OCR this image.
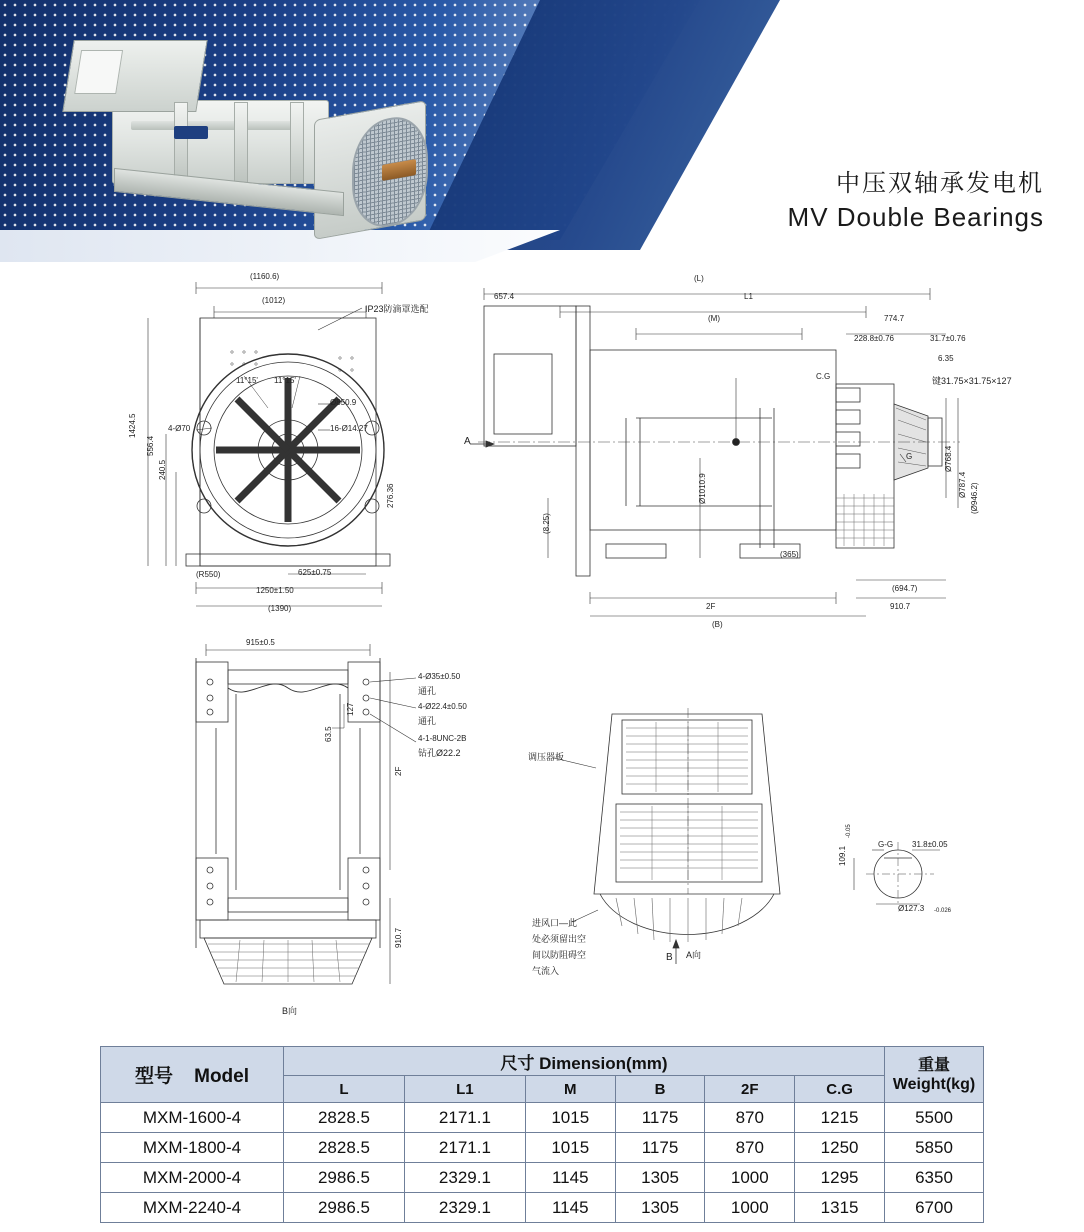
中压双轴承发电机
MV Double Bearings
(1160.6)
(1012)
IP23防滴罩选配
11°15' 11°15'
Ø850.9
16-Ø14.27
4-Ø70
1424.5
556.4
240.5
276.36
(R550)	625±0.75
1250±1.50
(1390)
(L)
L1
657.4
(M)	774.7
228.8±0.76	31.7±0.76
6.35
C.G	键31.75×31.75×127
A
G	Ø768.4
Ø787.4 (Ø946.2)
Ø1010.9
(8.25)
(365)
(694.7)
2F	910.7
(B)
915±0.5
4-Ø35±0.50
通孔
4-Ø22.4±0.50
通孔
4-1-8UNC-2B
钻孔Ø22.2
127
63.5
2F
910.7
B向
调压器板
进风口—此
处必须留出空
间以防阻碍空
气流入
B A向
G-G 31.8±0.05
109.1
-0.05
Ø127.3 -0.026
型号 Model	尺寸 Dimension(mm)						重量
Weight(kg)

	L	L1	M	B	2F	C.G	
MXM-1600-4	2828.5	2171.1	1015	1175	870	1215	5500
MXM-1800-4	2828.5	2171.1	1015	1175	870	1250	5850
MXM-2000-4	2986.5	2329.1	1145	1305	1000	1295	6350
MXM-2240-4	2986.5	2329.1	1145	1305	1000	1315	6700
